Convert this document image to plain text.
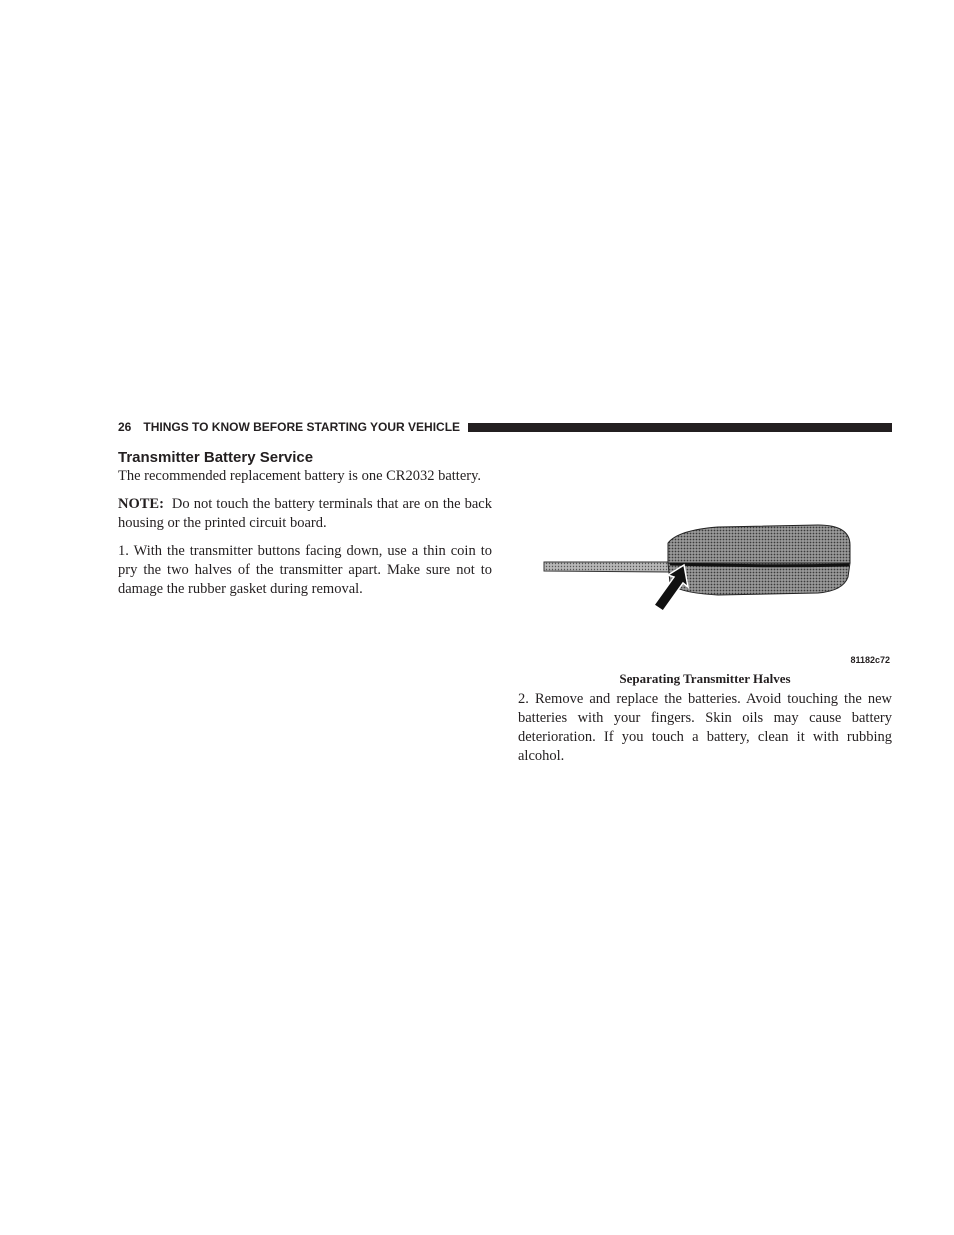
26 THINGS TO KNOW BEFORE STARTING YOUR VEHICLE
Transmitter Battery Service

The recommended replacement battery is one CR2032 battery.

NOTE: Do not touch the battery terminals that are on the back housing or the printed circuit board.

1. With the transmitter buttons facing down, use a thin coin to pry the two halves of the transmitter apart. Make sure not to damage the rubber gasket during removal.

81182c72
Separating Transmitter Halves

2. Remove and replace the batteries. Avoid touching the new batteries with your fingers. Skin oils may cause battery deterioration. If you touch a battery, clean it with rubbing alcohol.
